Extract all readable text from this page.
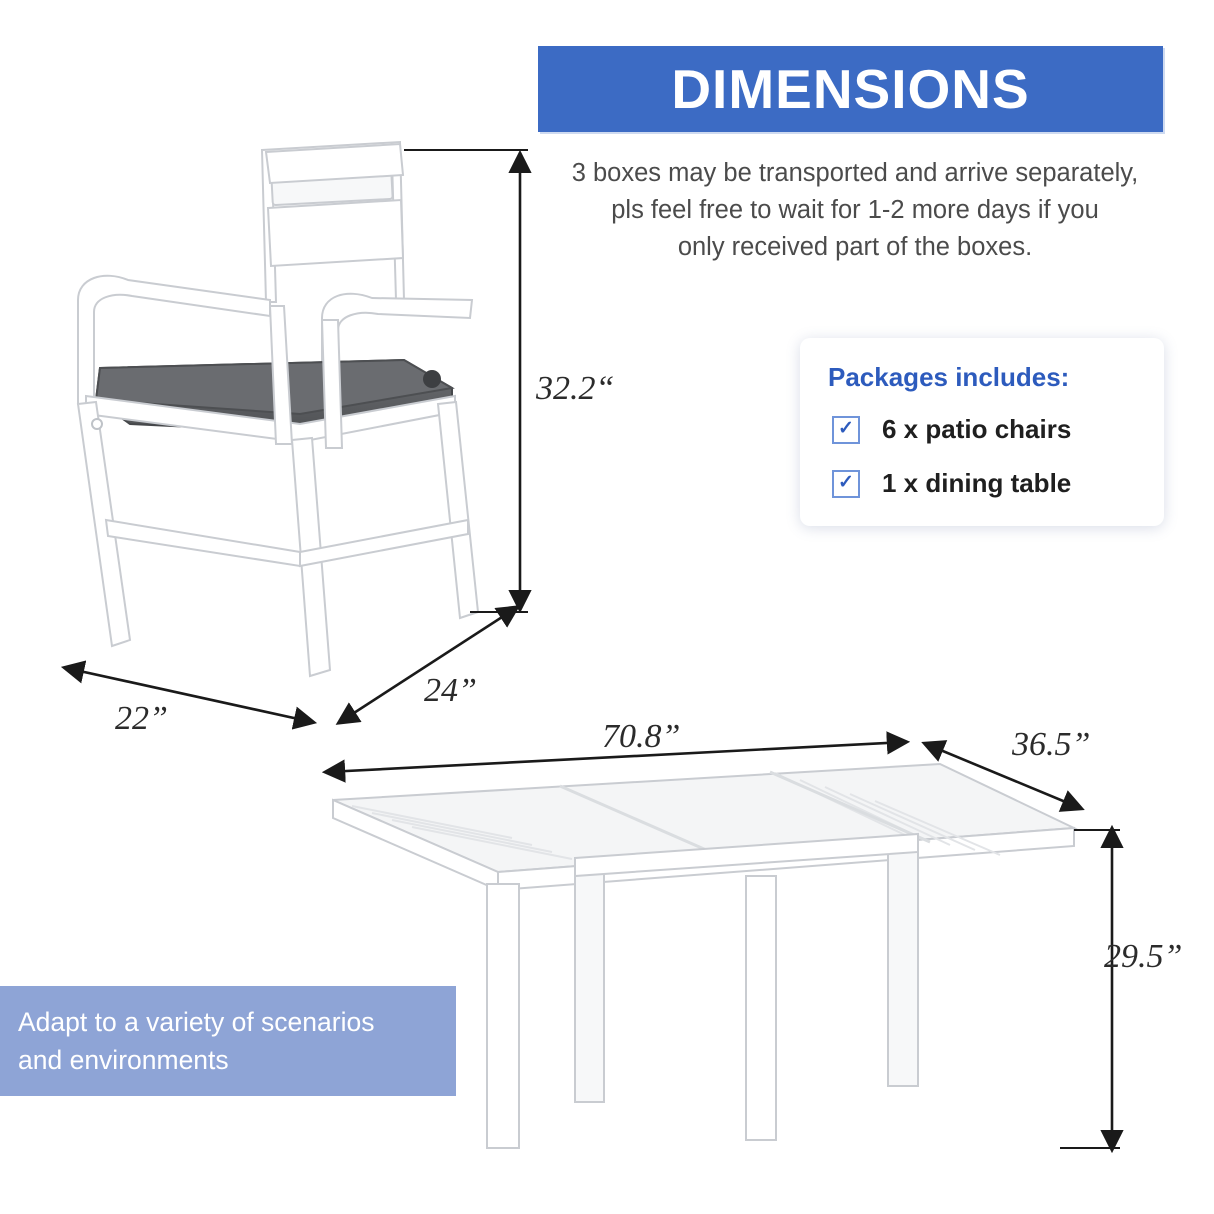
DIMENSIONS
3 boxes may be transported and arrive separately,
pls feel free to wait for 1-2 more days if you
only received part of the boxes.
Packages includes:
✓ 6 x patio chairs
✓ 1 x dining table
32.2“
22”
24”
70.8”	36.5”
29.5”
Adapt to a variety of scenarios
and environments
